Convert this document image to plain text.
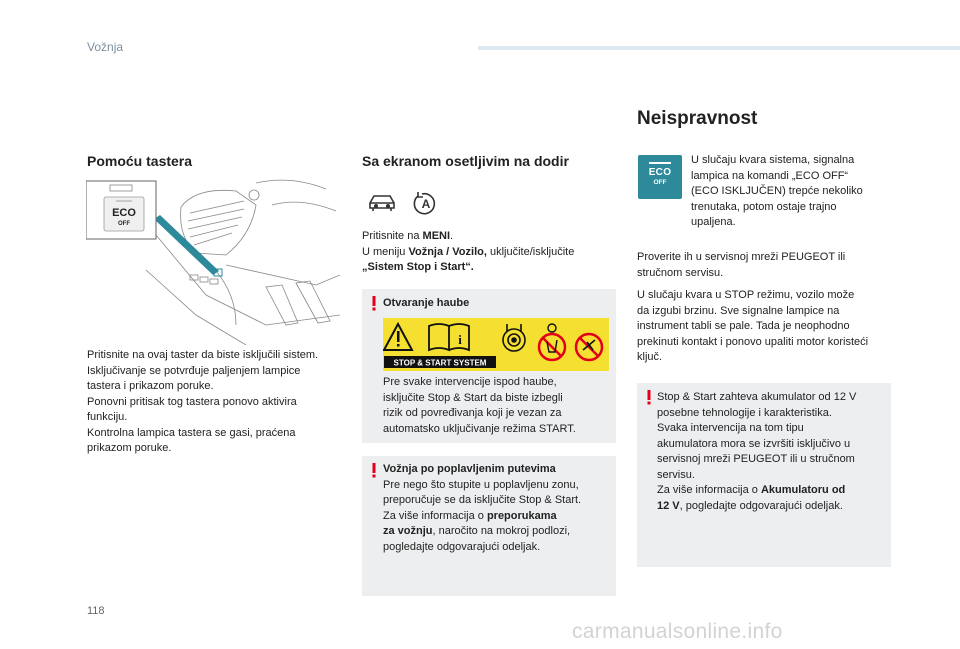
Vožnja
Pomoću tastera
ECO
OFF
Pritisnite na ovaj taster da biste isključili sistem.
Isključivanje se potvrđuje paljenjem lampice
tastera i prikazom poruke.
Ponovni pritisak tog tastera ponovo aktivira
funkciju.
Kontrolna lampica tastera se gasi, praćena
prikazom poruke.
Sa ekranom osetljivim na dodir
A
Pritisnite na MENI.
U meniju Vožnja / Vozilo, uključite/isključite
„Sistem Stop i Start“.
Otvaranje haube
i
STOP & START SYSTEM
Pre svake intervencije ispod haube,
isključite Stop & Start da biste izbegli
rizik od povređivanja koji je vezan za
automatsko uključivanje režima START.
Vožnja po poplavljenim putevima
Pre nego što stupite u poplavljenu zonu,
preporučuje se da isključite Stop & Start.
Za više informacija o preporukama
za vožnju, naročito na mokroj podlozi,
pogledajte odgovarajući odeljak.
Neispravnost
ECO
OFF
U slučaju kvara sistema, signalna
lampica na komandi „ECO OFF“
(ECO ISKLJUČEN) trepće nekoliko
trenutaka, potom ostaje trajno
upaljena.
Proverite ih u servisnoj mreži PEUGEOT ili
stručnom servisu.
U slučaju kvara u STOP režimu, vozilo može
da izgubi brzinu. Sve signalne lampice na
instrument tabli se pale. Tada je neophodno
prekinuti kontakt i ponovo upaliti motor koristeći
ključ.
Stop & Start zahteva akumulator od 12 V
posebne tehnologije i karakteristika.
Svaka intervencija na tom tipu
akumulatora mora se izvršiti isključivo u
servisnoj mreži PEUGEOT ili u stručnom
servisu.
Za više informacija o Akumulatoru od
12 V, pogledajte odgovarajući odeljak.
118
carmanualsonline.info
